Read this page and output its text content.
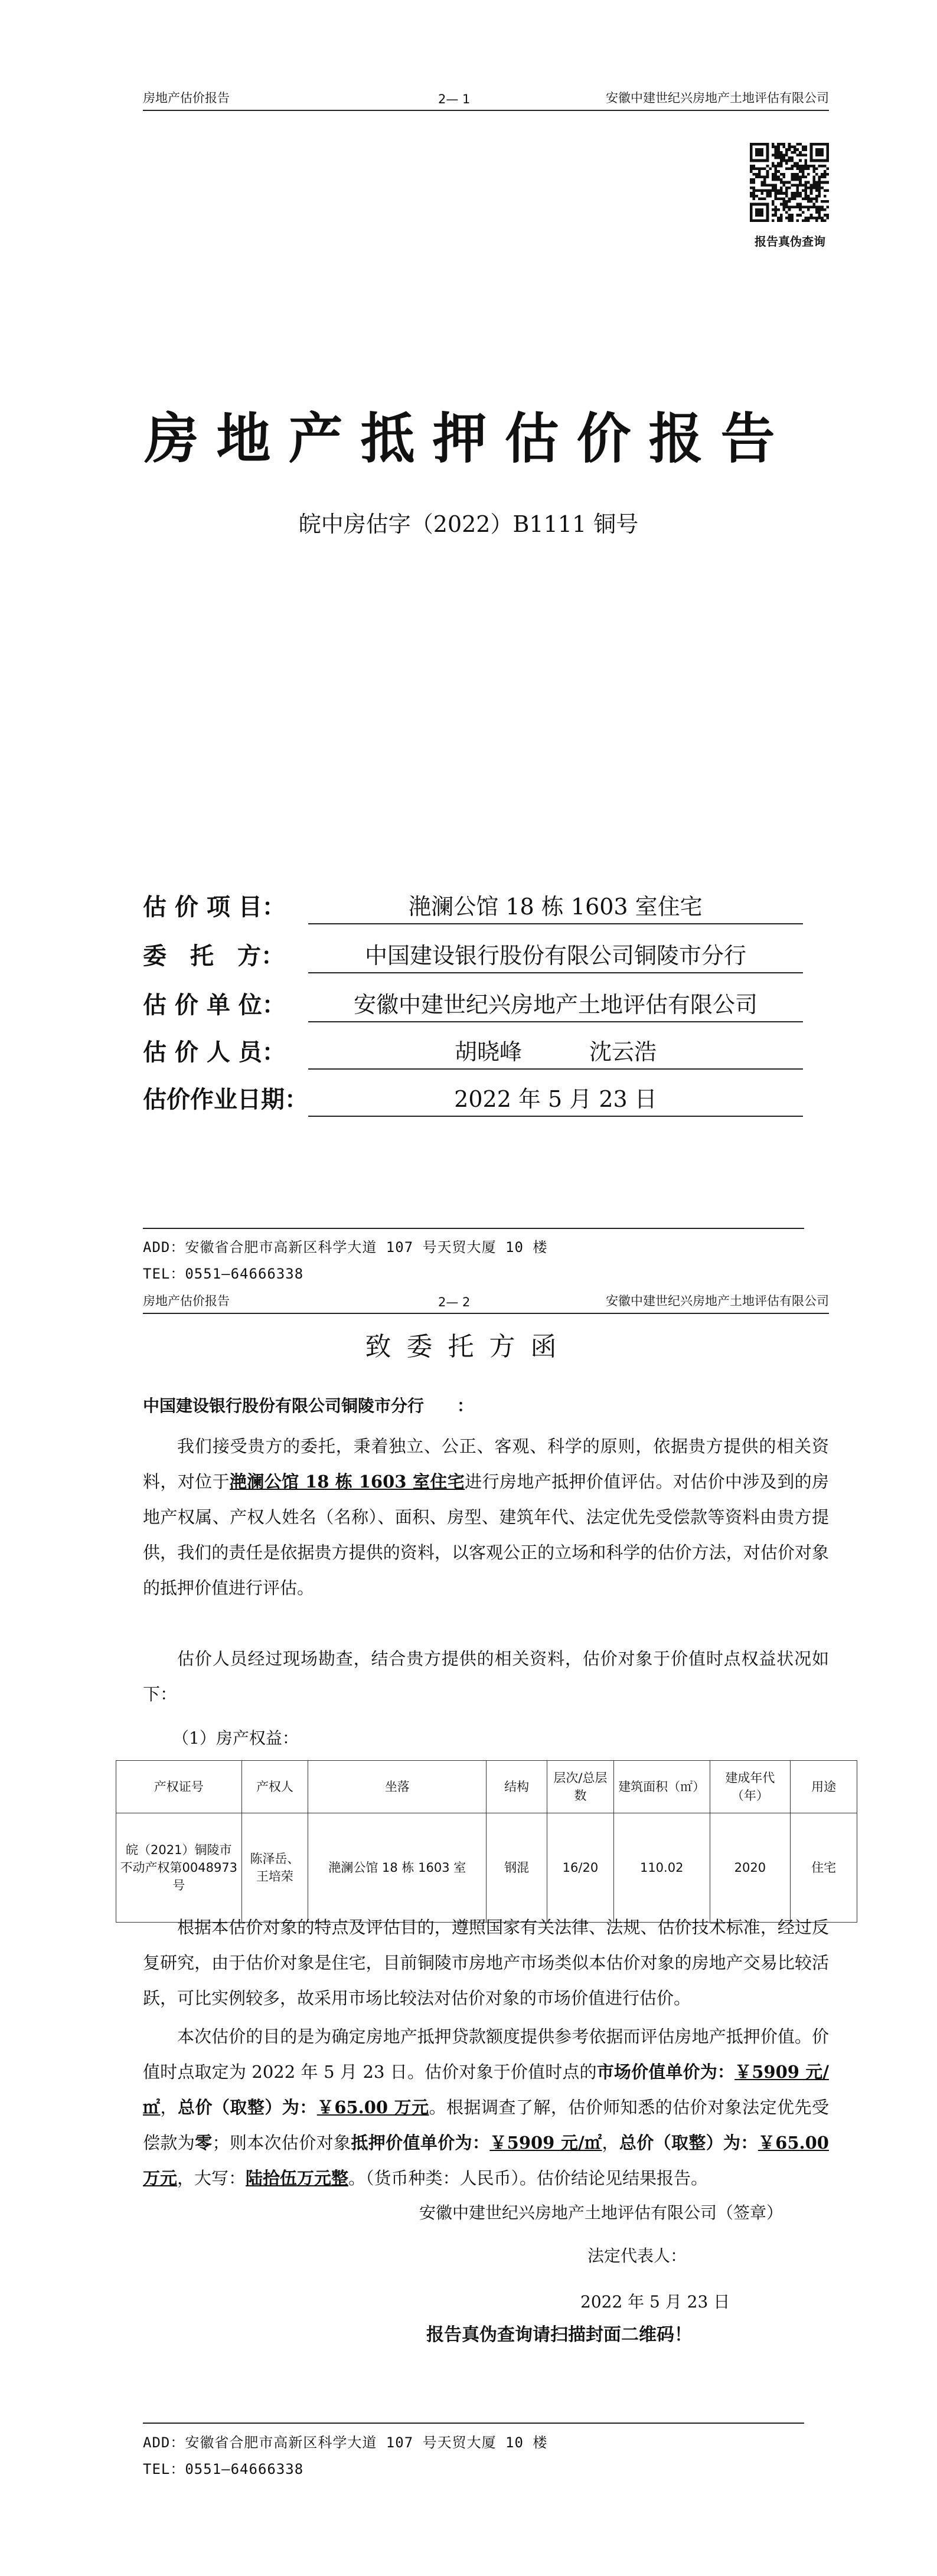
房地产估价报告	2— 1	安徽中建世纪兴房地产土地评估有限公司
报告真伪查询
房地产抵押估价报告
皖中房估字（2022）B1111 铜号
估 价 项 目：	滟澜公馆 18 栋 1603 室住宅
委　托　方：	中国建设银行股份有限公司铜陵市分行
估 价 单 位：	安徽中建世纪兴房地产土地评估有限公司
估 价 人 员：	胡晓峰　　　沈云浩
估价作业日期：	2022 年 5 月 23 日
ADD：安徽省合肥市高新区科学大道 107 号天贸大厦 10 楼
TEL：0551—64666338
房地产估价报告	2— 2	安徽中建世纪兴房地产土地评估有限公司
致委托方函
中国建设银行股份有限公司铜陵市分行　　：
我们接受贵方的委托，秉着独立、公正、客观、科学的原则，依据贵方提供的相关资料，对位于滟澜公馆 18 栋 1603 室住宅进行房地产抵押价值评估。对估价中涉及到的房地产权属、产权人姓名（名称）、面积、房型、建筑年代、法定优先受偿款等资料由贵方提供，我们的责任是依据贵方提供的资料，以客观公正的立场和科学的估价方法，对估价对象的抵押价值进行评估。
估价人员经过现场勘查，结合贵方提供的相关资料，估价对象于价值时点权益状况如下：
（1）房产权益：
产权证号	产权人	坐落	结构	层次/总层数	建筑面积（㎡）	建成年代（年）	用途
皖（2021）铜陵市不动产权第0048973 号	陈泽岳、王培荣	滟澜公馆 18 栋 1603 室	钢混	16/20	110.02	2020	住宅
根据本估价对象的特点及评估目的，遵照国家有关法律、法规、估价技术标准，经过反复研究，由于估价对象是住宅，目前铜陵市房地产市场类似本估价对象的房地产交易比较活跃，可比实例较多，故采用市场比较法对估价对象的市场价值进行估价。
本次估价的目的是为确定房地产抵押贷款额度提供参考依据而评估房地产抵押价值。价值时点取定为 2022 年 5 月 23 日。估价对象于价值时点的市场价值单价为：￥5909 元/㎡，总价（取整）为：￥65.00 万元。根据调查了解，估价师知悉的估价对象法定优先受偿款为零；则本次估价对象抵押价值单价为：￥5909 元/㎡，总价（取整）为：￥65.00 万元，大写：陆拾伍万元整。（货币种类：人民币）。估价结论见结果报告。
安徽中建世纪兴房地产土地评估有限公司（签章）
法定代表人：
2022 年 5 月 23 日
报告真伪查询请扫描封面二维码！
ADD：安徽省合肥市高新区科学大道 107 号天贸大厦 10 楼
TEL：0551—64666338
